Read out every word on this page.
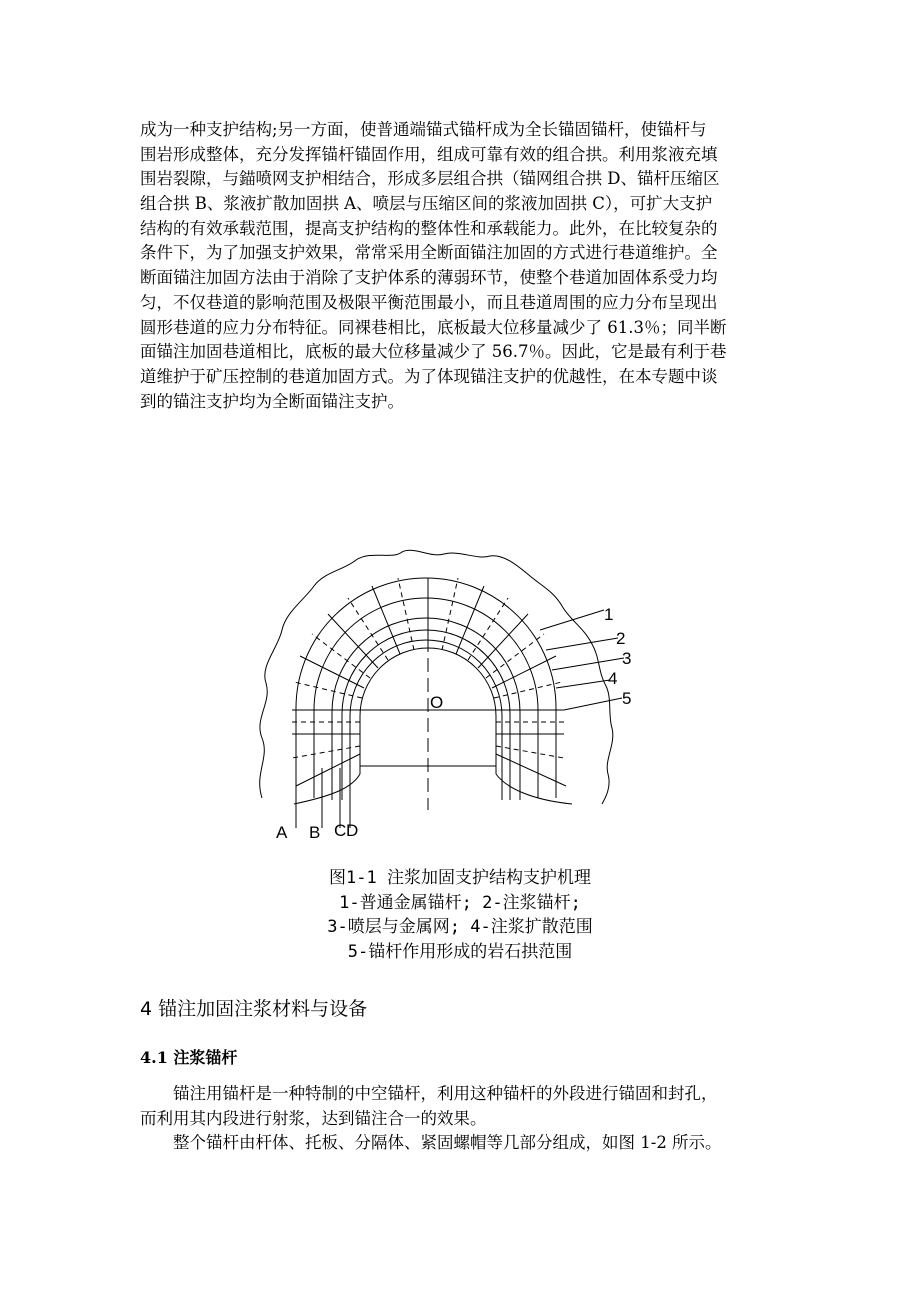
成为一种支护结构;另一方面，使普通端锚式锚杆成为全长锚固锚杆，使锚杆与
围岩形成整体，充分发挥锚杆锚固作用，组成可靠有效的组合拱。利用浆液充填
围岩裂隙，与錨喷网支护相结合，形成多层组合拱（锚网组合拱 D、锚杆压缩区
组合拱 B、浆液扩散加固拱 A、喷层与压缩区间的浆液加固拱 C），可扩大支护
结构的有效承载范围，提高支护结构的整体性和承载能力。此外，在比较复杂的
条件下，为了加强支护效果，常常采用全断面锚注加固的方式进行巷道维护。全
断面锚注加固方法由于消除了支护体系的薄弱环节，使整个巷道加固体系受力均
匀，不仅巷道的影响范围及极限平衡范围最小，而且巷道周围的应力分布呈现出
圆形巷道的应力分布特征。同裸巷相比，底板最大位移量减少了 61.3％；同半断
面锚注加固巷道相比，底板的最大位移量减少了 56.7％。因此，它是最有利于巷
道维护于矿压控制的巷道加固方式。为了体现锚注支护的优越性，在本专题中谈
到的锚注支护均为全断面锚注支护。
O
1
2
3
4
5
A B C D
图1-1 注浆加固支护结构支护机理
1-普通金属锚杆; 2-注浆锚杆;
3-喷层与金属网; 4-注浆扩散范围
5-锚杆作用形成的岩石拱范围
4 锚注加固注浆材料与设备
4.1 注浆锚杆
锚注用锚杆是一种特制的中空锚杆，利用这种锚杆的外段进行锚固和封孔，
而利用其内段进行射浆，达到锚注合一的效果。
整个锚杆由杆体、托板、分隔体、紧固螺帽等几部分组成，如图 1-2 所示。
